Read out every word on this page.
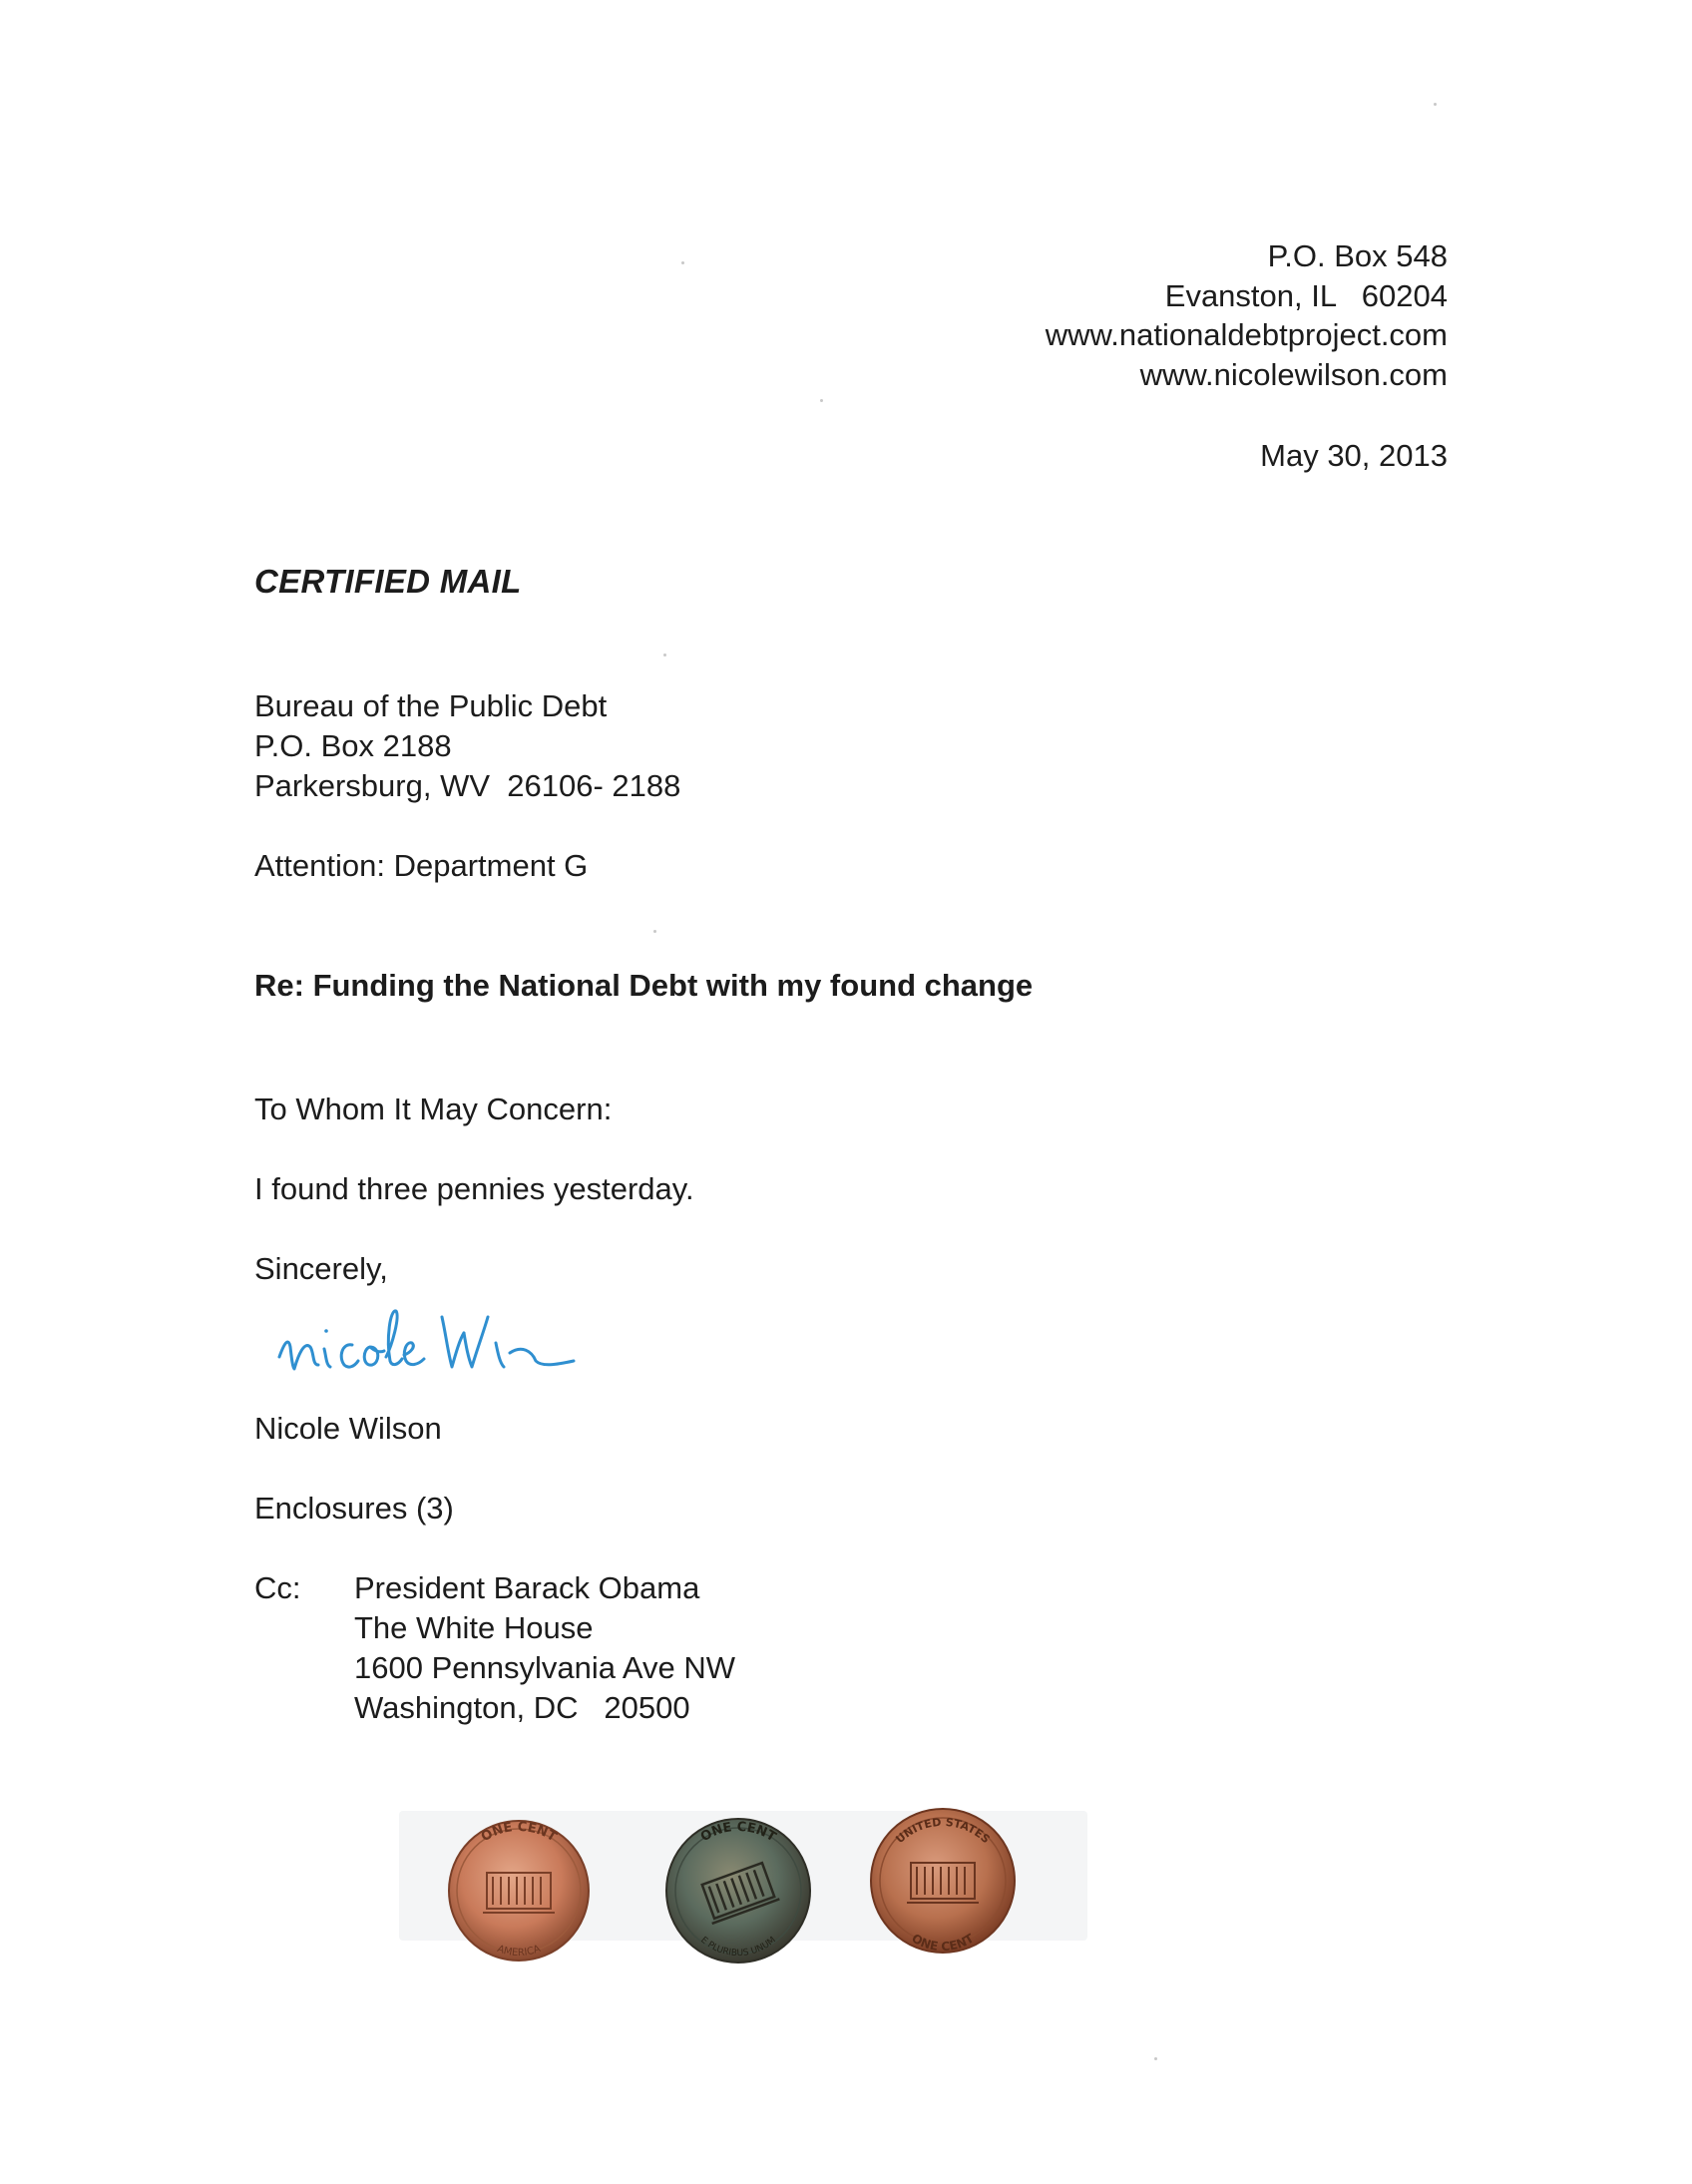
P.O. Box 548
Evanston, IL   60204
www.nationaldebtproject.com
www.nicolewilson.com
May 30, 2013
CERTIFIED MAIL
Bureau of the Public Debt
P.O. Box 2188
Parkersburg, WV  26106- 2188
Attention: Department G
Re: Funding the National Debt with my found change
To Whom It May Concern:
I found three pennies yesterday.
Sincerely,
Nicole Wilson
Enclosures (3)
Cc: President Barack Obama
The White House
1600 Pennsylvania Ave NW
Washington, DC   20500
ONE CENT
AMERICA
ONE CENT
E PLURIBUS UNUM
UNITED STATES
ONE CENT
